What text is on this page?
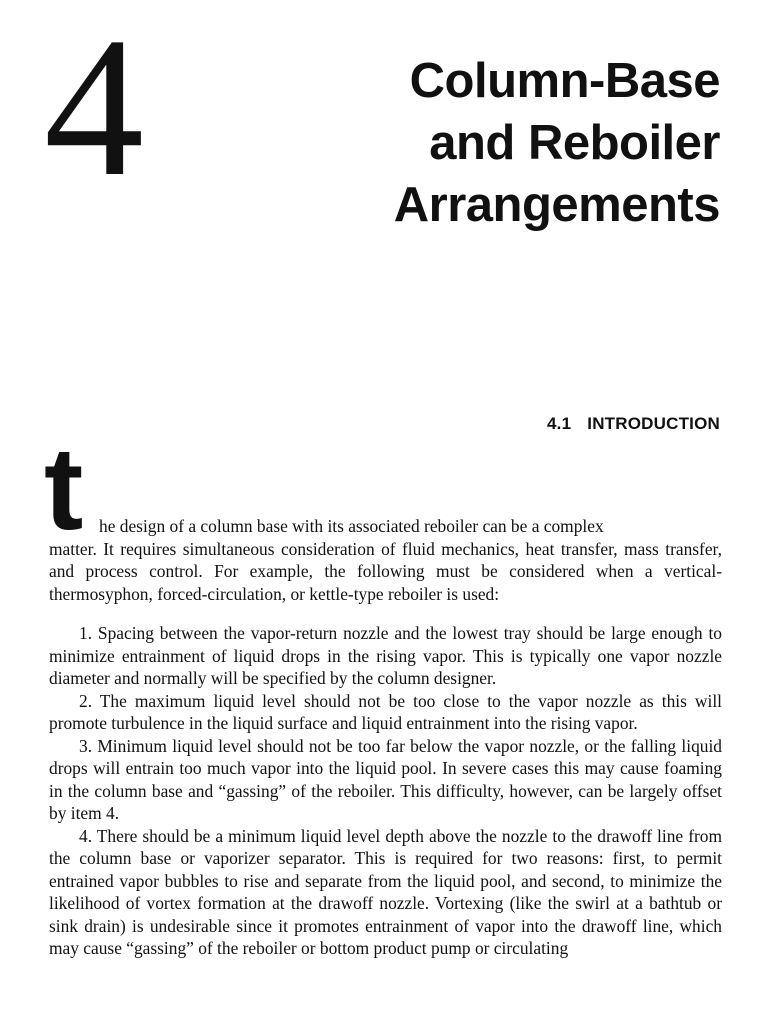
4	Column-Base
and Reboiler
Arrangements
4.1 INTRODUCTION
t he design of a column base with its associated reboiler can be a complex
matter. It requires simultaneous consideration of fluid mechanics, heat transfer, mass transfer, and process control. For example, the following must be considered when a vertical-thermosyphon, forced-circulation, or kettle-type reboiler is used:

1. Spacing between the vapor-return nozzle and the lowest tray should be large enough to minimize entrainment of liquid drops in the rising vapor. This is typically one vapor nozzle diameter and normally will be specified by the column designer.

2. The maximum liquid level should not be too close to the vapor nozzle as this will promote turbulence in the liquid surface and liquid entrainment into the rising vapor.

3. Minimum liquid level should not be too far below the vapor nozzle, or the falling liquid drops will entrain too much vapor into the liquid pool. In severe cases this may cause foaming in the column base and “gassing” of the reboiler. This difficulty, however, can be largely offset by item 4.

4. There should be a minimum liquid level depth above the nozzle to the drawoff line from the column base or vaporizer separator. This is required for two reasons: first, to permit entrained vapor bubbles to rise and separate from the liquid pool, and second, to minimize the likelihood of vortex formation at the drawoff nozzle. Vortexing (like the swirl at a bathtub or sink drain) is undesirable since it promotes entrainment of vapor into the drawoff line, which may cause “gassing” of the reboiler or bottom product pump or circulating
